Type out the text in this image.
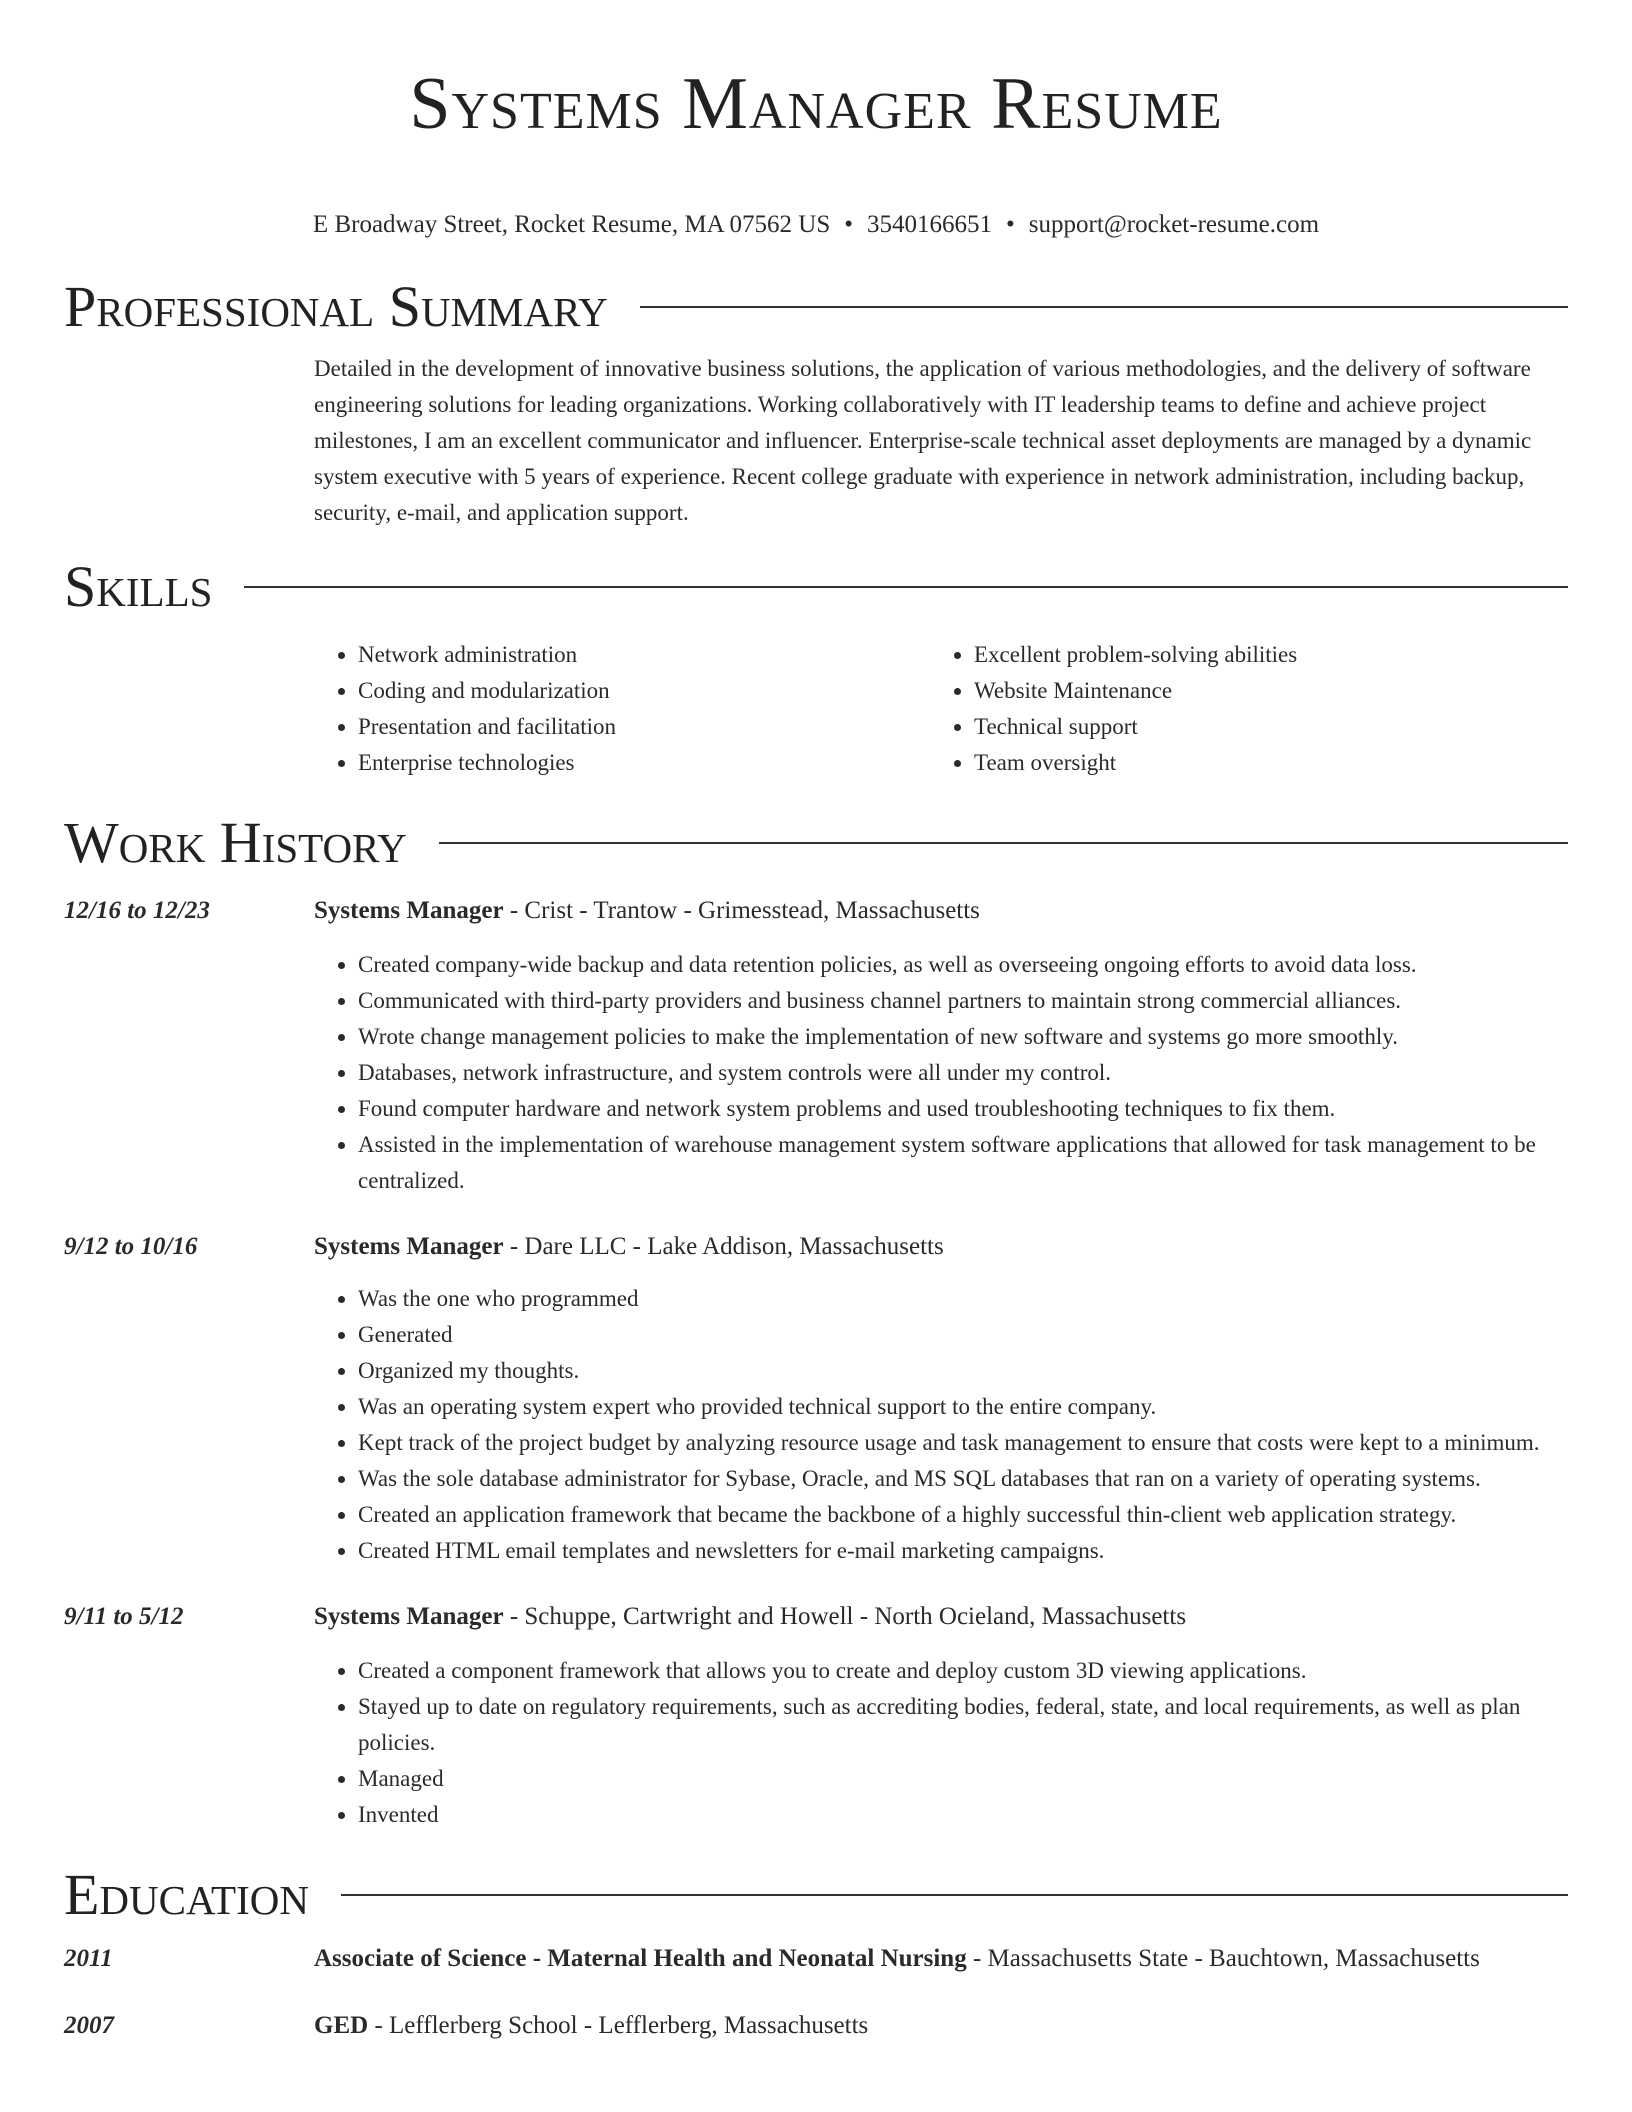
Systems Manager Resume
E Broadway Street, Rocket Resume, MA 07562 US • 3540166651 • support@rocket-resume.com
Professional Summary

Detailed in the development of innovative business solutions, the application of various methodologies, and the delivery of software engineering solutions for leading organizations. Working collaboratively with IT leadership teams to define and achieve project milestones, I am an excellent communicator and influencer. Enterprise-scale technical asset deployments are managed by a dynamic system executive with 5 years of experience. Recent college graduate with experience in network administration, including backup, security, e-mail, and application support.

Skills
• Network administration
• Coding and modularization
• Presentation and facilitation
• Enterprise technologies
• Excellent problem-solving abilities
• Website Maintenance
• Technical support
• Team oversight
Work History
12/16 to 12/23	Systems Manager - Crist - Trantow - Grimesstead, Massachusetts
• Created company-wide backup and data retention policies, as well as overseeing ongoing efforts to avoid data loss.
• Communicated with third-party providers and business channel partners to maintain strong commercial alliances.
• Wrote change management policies to make the implementation of new software and systems go more smoothly.
• Databases, network infrastructure, and system controls were all under my control.
• Found computer hardware and network system problems and used troubleshooting techniques to fix them.
• Assisted in the implementation of warehouse management system software applications that allowed for task management to be centralized.
9/12 to 10/16	Systems Manager - Dare LLC - Lake Addison, Massachusetts
• Was the one who programmed
• Generated
• Organized my thoughts.
• Was an operating system expert who provided technical support to the entire company.
• Kept track of the project budget by analyzing resource usage and task management to ensure that costs were kept to a minimum.
• Was the sole database administrator for Sybase, Oracle, and MS SQL databases that ran on a variety of operating systems.
• Created an application framework that became the backbone of a highly successful thin-client web application strategy.
• Created HTML email templates and newsletters for e-mail marketing campaigns.
9/11 to 5/12	Systems Manager - Schuppe, Cartwright and Howell - North Ocieland, Massachusetts
• Created a component framework that allows you to create and deploy custom 3D viewing applications.
• Stayed up to date on regulatory requirements, such as accrediting bodies, federal, state, and local requirements, as well as plan policies.
• Managed
• Invented
Education
2011	Associate of Science - Maternal Health and Neonatal Nursing - Massachusetts State - Bauchtown, Massachusetts
2007	GED - Lefflerberg School - Lefflerberg, Massachusetts
